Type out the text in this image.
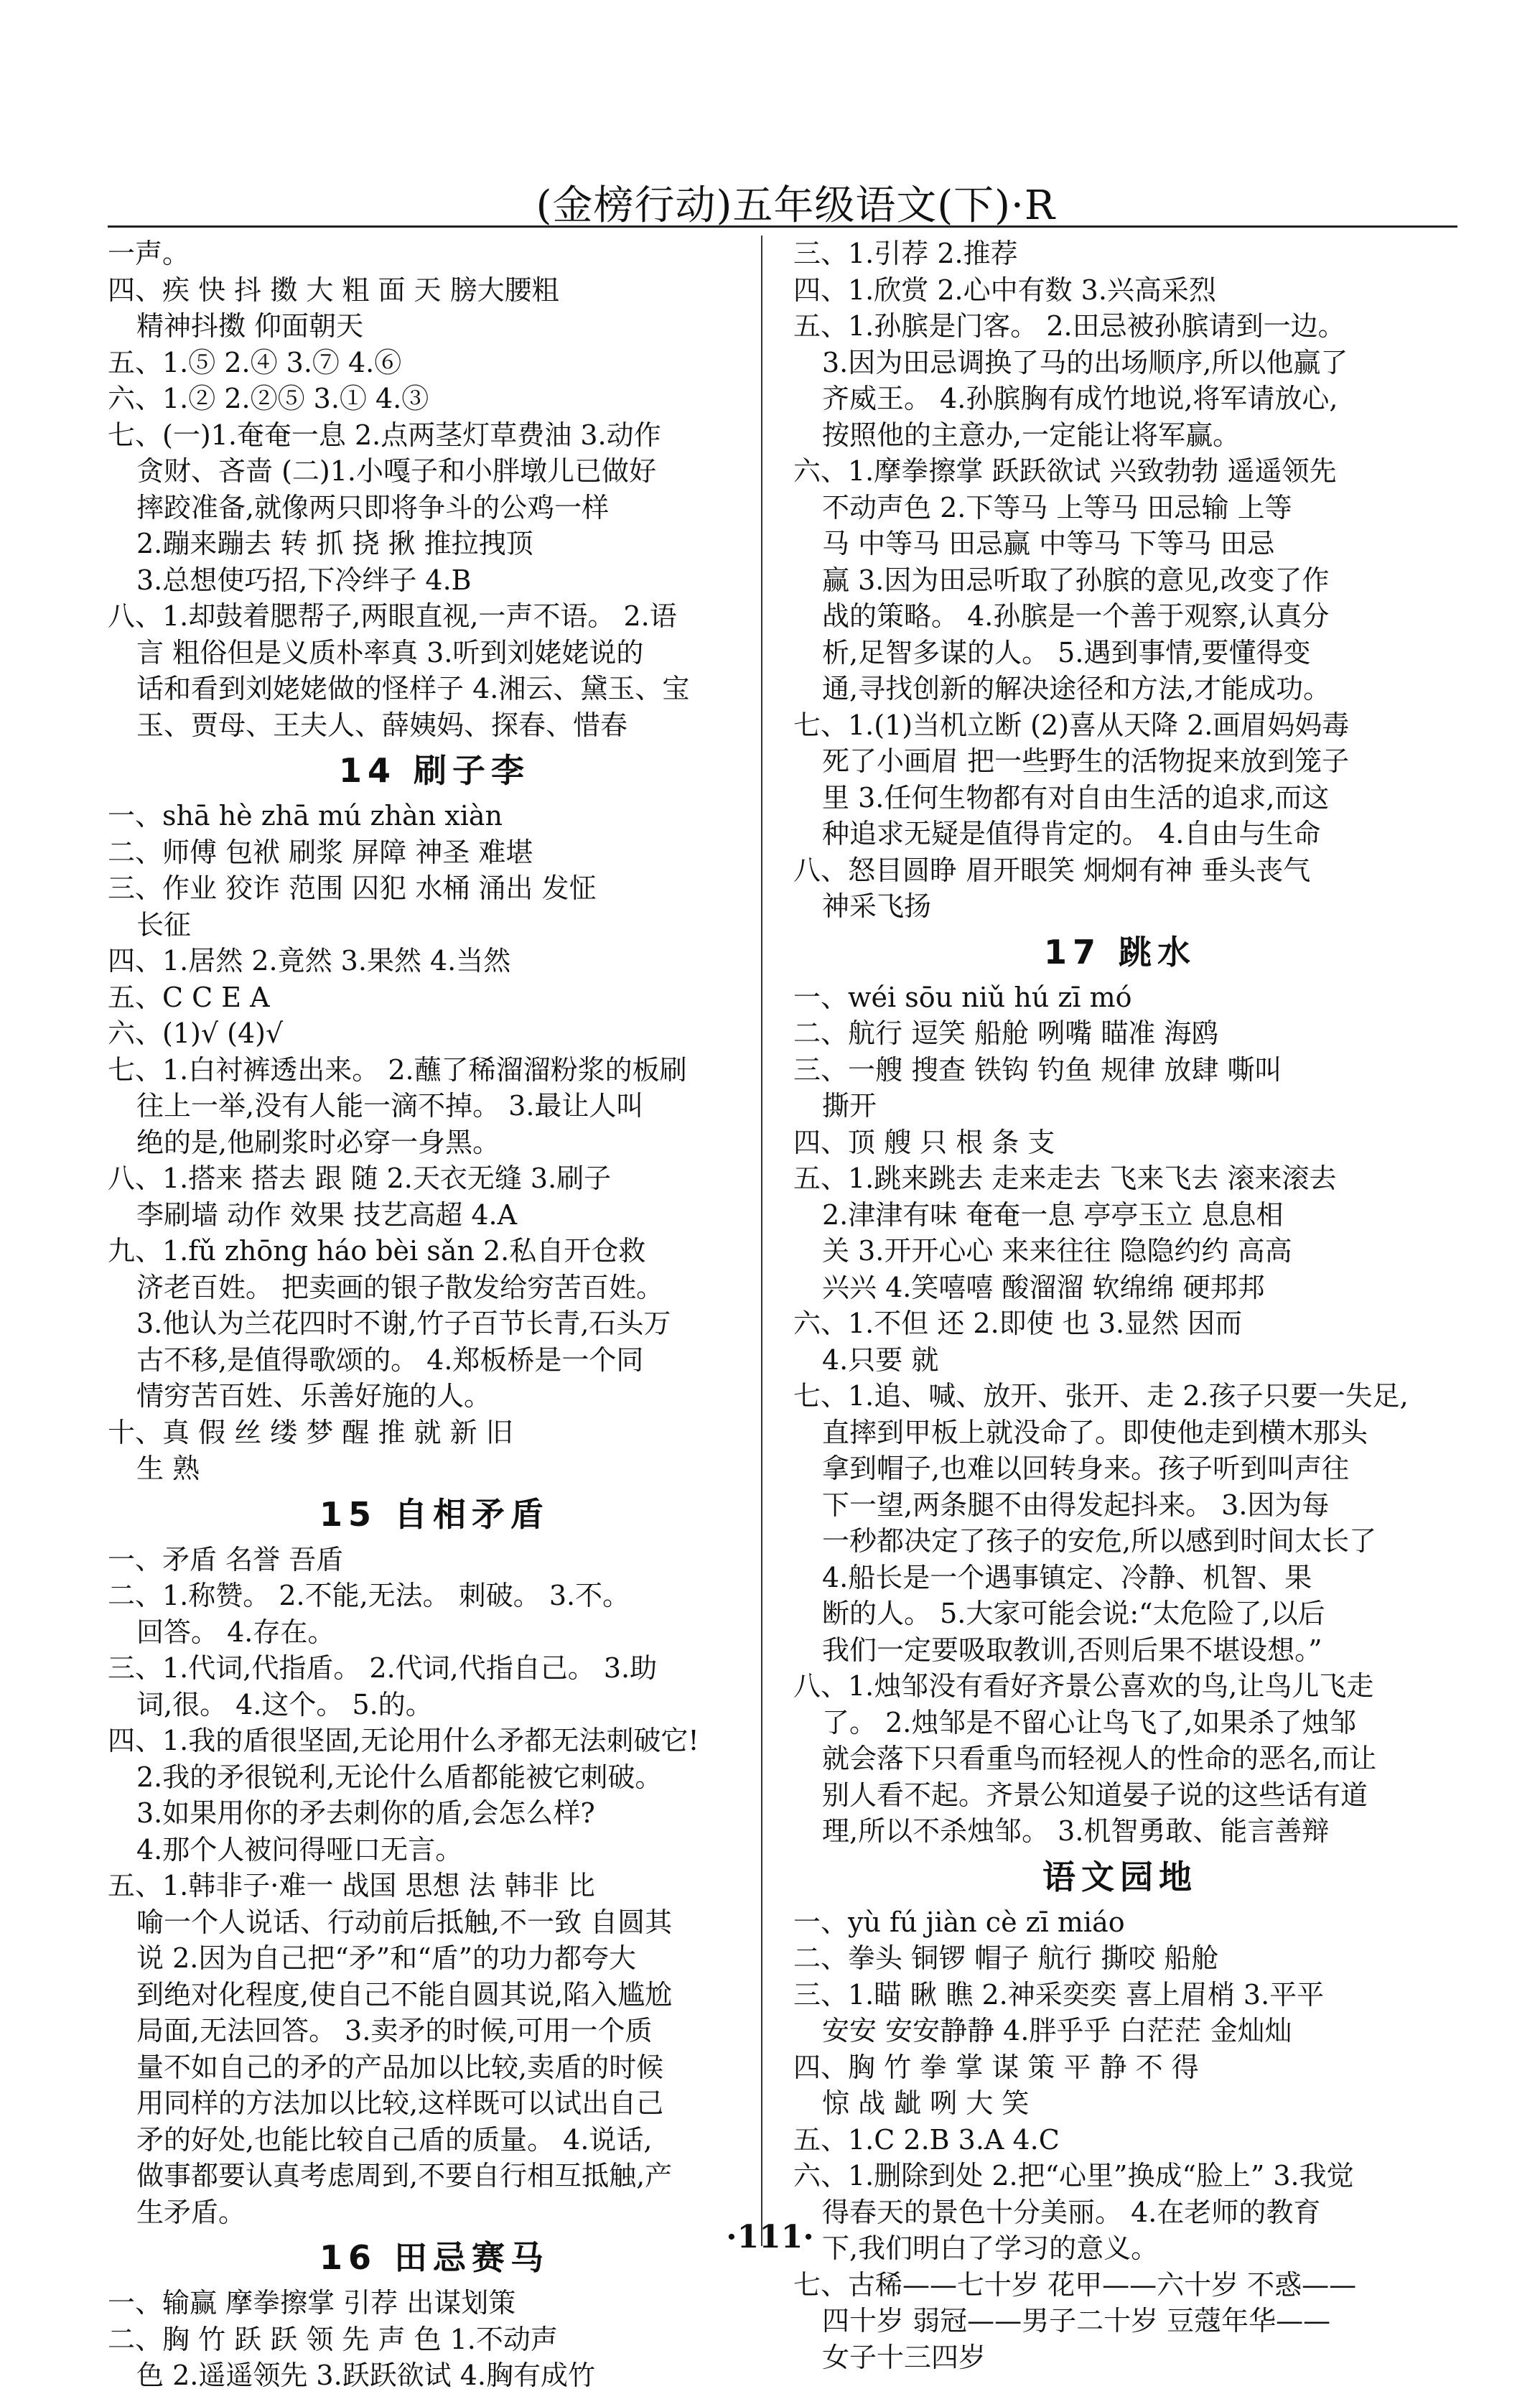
(金榜行动)五年级语文(下)·R
一声。
四、疾 快 抖 擞 大 粗 面 天 膀大腰粗
精神抖擞 仰面朝天
五、1.⑤ 2.④ 3.⑦ 4.⑥
六、1.② 2.②⑤ 3.① 4.③
七、(一)1.奄奄一息 2.点两茎灯草费油 3.动作
贪财、吝啬 (二)1.小嘎子和小胖墩儿已做好
摔跤准备,就像两只即将争斗的公鸡一样
2.蹦来蹦去 转 抓 挠 揪 推拉拽顶
3.总想使巧招,下冷绊子 4.B
八、1.却鼓着腮帮子,两眼直视,一声不语。 2.语
言 粗俗但是义质朴率真 3.听到刘姥姥说的
话和看到刘姥姥做的怪样子 4.湘云、黛玉、宝
玉、贾母、王夫人、薛姨妈、探春、惜春
14 刷子李
一、shā hè zhā mú zhàn xiàn
二、师傅 包袱 刷浆 屏障 神圣 难堪
三、作业 狡诈 范围 囚犯 水桶 涌出 发怔
长征
四、1.居然 2.竟然 3.果然 4.当然
五、C C E A
六、(1)√ (4)√
七、1.白衬裤透出来。 2.蘸了稀溜溜粉浆的板刷
往上一举,没有人能一滴不掉。 3.最让人叫
绝的是,他刷浆时必穿一身黑。
八、1.搭来 搭去 跟 随 2.天衣无缝 3.刷子
李刷墙 动作 效果 技艺高超 4.A
九、1.fǔ zhōng háo bèi sǎn 2.私自开仓救
济老百姓。 把卖画的银子散发给穷苦百姓。
3.他认为兰花四时不谢,竹子百节长青,石头万
古不移,是值得歌颂的。 4.郑板桥是一个同
情穷苦百姓、乐善好施的人。
十、真 假 丝 缕 梦 醒 推 就 新 旧
生 熟
15 自相矛盾
一、矛盾 名誉 吾盾
二、1.称赞。 2.不能,无法。 刺破。 3.不。
回答。 4.存在。
三、1.代词,代指盾。 2.代词,代指自己。 3.助
词,很。 4.这个。 5.的。
四、1.我的盾很坚固,无论用什么矛都无法刺破它!
2.我的矛很锐利,无论什么盾都能被它刺破。
3.如果用你的矛去刺你的盾,会怎么样?
4.那个人被问得哑口无言。
五、1.韩非子·难一 战国 思想 法 韩非 比
喻一个人说话、行动前后抵触,不一致 自圆其
说 2.因为自己把“矛”和“盾”的功力都夸大
到绝对化程度,使自己不能自圆其说,陷入尴尬
局面,无法回答。 3.卖矛的时候,可用一个质
量不如自己的矛的产品加以比较,卖盾的时候
用同样的方法加以比较,这样既可以试出自己
矛的好处,也能比较自己盾的质量。 4.说话,
做事都要认真考虑周到,不要自行相互抵触,产
生矛盾。
16 田忌赛马
一、输赢 摩拳擦掌 引荐 出谋划策
二、胸 竹 跃 跃 领 先 声 色 1.不动声
色 2.遥遥领先 3.跃跃欲试 4.胸有成竹
三、1.引荐 2.推荐
四、1.欣赏 2.心中有数 3.兴高采烈
五、1.孙膑是门客。 2.田忌被孙膑请到一边。
3.因为田忌调换了马的出场顺序,所以他赢了
齐威王。 4.孙膑胸有成竹地说,将军请放心,
按照他的主意办,一定能让将军赢。
六、1.摩拳擦掌 跃跃欲试 兴致勃勃 遥遥领先
不动声色 2.下等马 上等马 田忌输 上等
马 中等马 田忌赢 中等马 下等马 田忌
赢 3.因为田忌听取了孙膑的意见,改变了作
战的策略。 4.孙膑是一个善于观察,认真分
析,足智多谋的人。 5.遇到事情,要懂得变
通,寻找创新的解决途径和方法,才能成功。
七、1.(1)当机立断 (2)喜从天降 2.画眉妈妈毒
死了小画眉 把一些野生的活物捉来放到笼子
里 3.任何生物都有对自由生活的追求,而这
种追求无疑是值得肯定的。 4.自由与生命
八、怒目圆睁 眉开眼笑 炯炯有神 垂头丧气
神采飞扬
17 跳水
一、wéi sōu niǔ hú zī mó
二、航行 逗笑 船舱 咧嘴 瞄准 海鸥
三、一艘 搜查 铁钩 钓鱼 规律 放肆 嘶叫
撕开
四、顶 艘 只 根 条 支
五、1.跳来跳去 走来走去 飞来飞去 滚来滚去
2.津津有味 奄奄一息 亭亭玉立 息息相
关 3.开开心心 来来往往 隐隐约约 高高
兴兴 4.笑嘻嘻 酸溜溜 软绵绵 硬邦邦
六、1.不但 还 2.即使 也 3.显然 因而
4.只要 就
七、1.追、喊、放开、张开、走 2.孩子只要一失足,
直摔到甲板上就没命了。即使他走到横木那头
拿到帽子,也难以回转身来。孩子听到叫声往
下一望,两条腿不由得发起抖来。 3.因为每
一秒都决定了孩子的安危,所以感到时间太长了
4.船长是一个遇事镇定、冷静、机智、果
断的人。 5.大家可能会说:“太危险了,以后
我们一定要吸取教训,否则后果不堪设想。”
八、1.烛邹没有看好齐景公喜欢的鸟,让鸟儿飞走
了。 2.烛邹是不留心让鸟飞了,如果杀了烛邹
就会落下只看重鸟而轻视人的性命的恶名,而让
别人看不起。齐景公知道晏子说的这些话有道
理,所以不杀烛邹。 3.机智勇敢、能言善辩
语文园地
一、yù fú jiàn cè zī miáo
二、拳头 铜锣 帽子 航行 撕咬 船舱
三、1.瞄 瞅 瞧 2.神采奕奕 喜上眉梢 3.平平
安安 安安静静 4.胖乎乎 白茫茫 金灿灿
四、胸 竹 拳 掌 谋 策 平 静 不 得
惊 战 龇 咧 大 笑
五、1.C 2.B 3.A 4.C
六、1.删除到处 2.把“心里”换成“脸上” 3.我觉
得春天的景色十分美丽。 4.在老师的教育
下,我们明白了学习的意义。
七、古稀——七十岁 花甲——六十岁 不惑——
四十岁 弱冠——男子二十岁 豆蔻年华——
女子十三四岁
·111·
